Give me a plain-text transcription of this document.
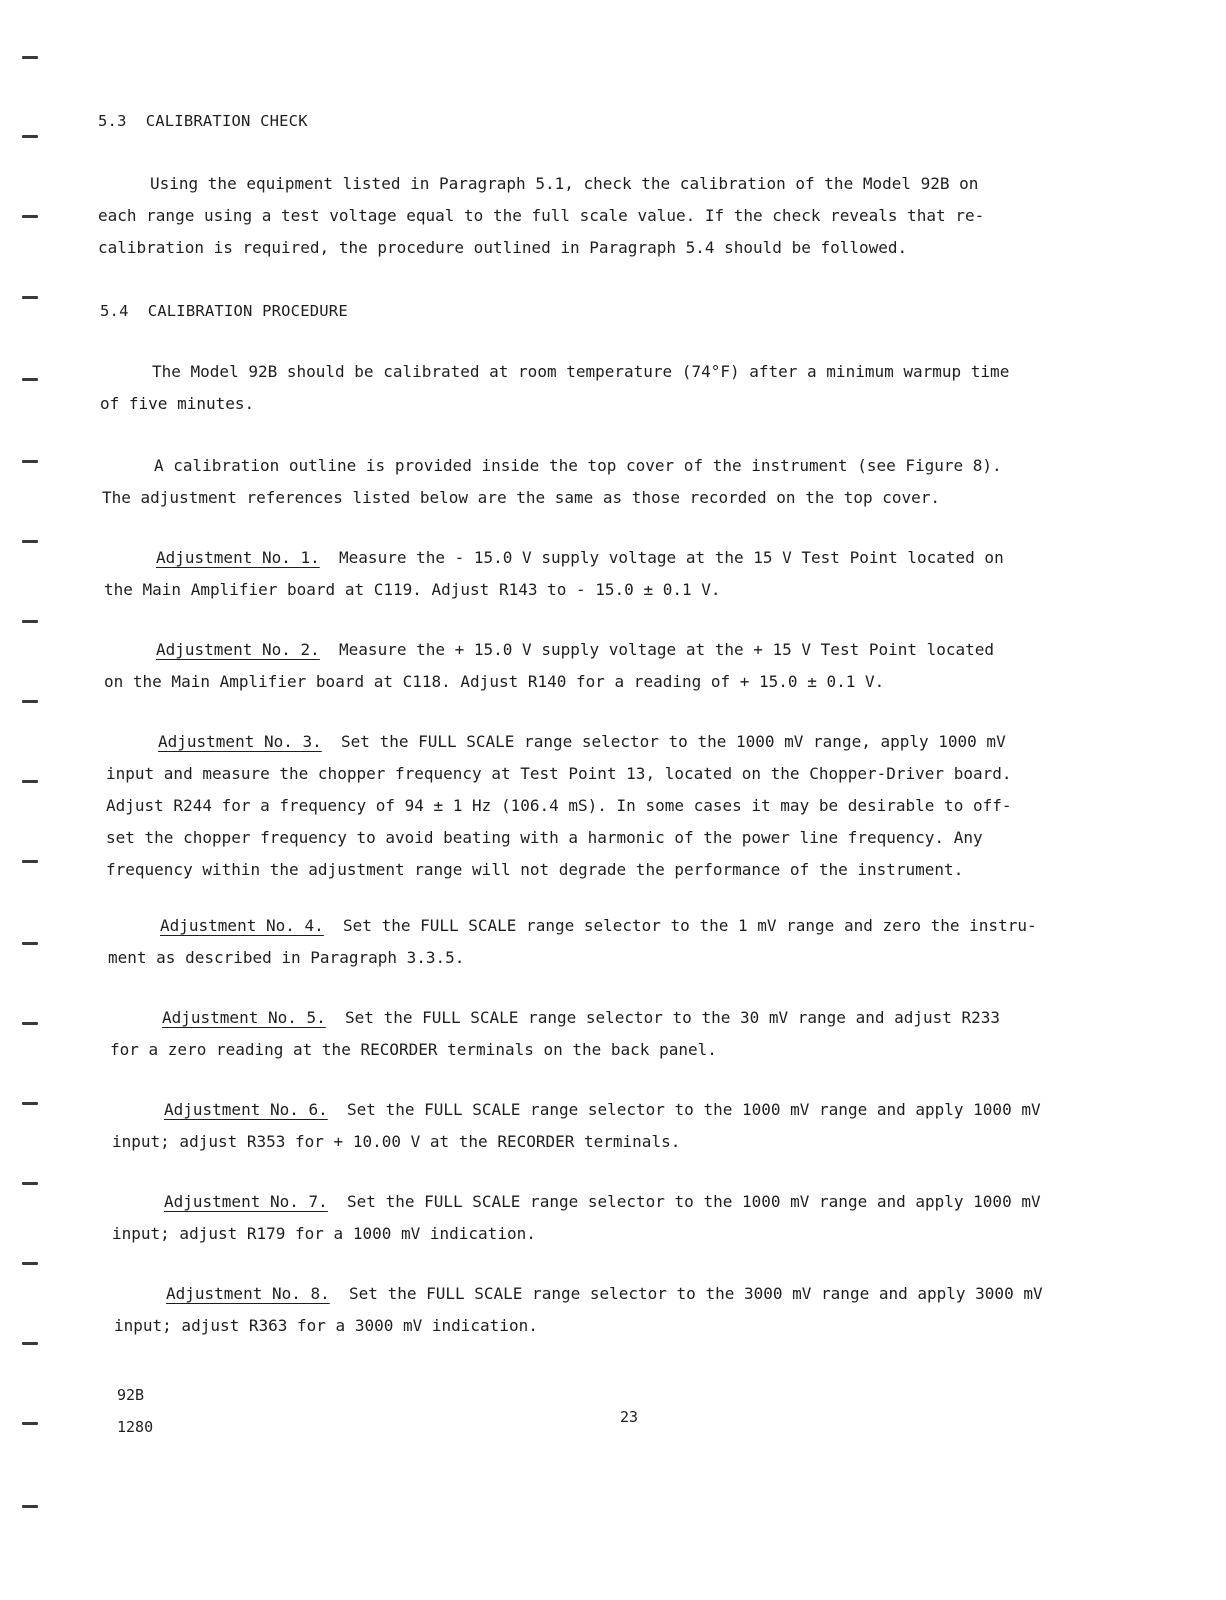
5.3 CALIBRATION CHECK
Using the equipment listed in Paragraph 5.1, check the calibration of the Model 92B on
each range using a test voltage equal to the full scale value. If the check reveals that re-
calibration is required, the procedure outlined in Paragraph 5.4 should be followed.
5.4 CALIBRATION PROCEDURE
The Model 92B should be calibrated at room temperature (74°F) after a minimum warmup time
of five minutes.
A calibration outline is provided inside the top cover of the instrument (see Figure 8).
The adjustment references listed below are the same as those recorded on the top cover.
Adjustment No. 1.  Measure the - 15.0 V supply voltage at the 15 V Test Point located on
the Main Amplifier board at C119. Adjust R143 to - 15.0 ± 0.1 V.
Adjustment No. 2.  Measure the + 15.0 V supply voltage at the + 15 V Test Point located
on the Main Amplifier board at C118. Adjust R140 for a reading of + 15.0 ± 0.1 V.
Adjustment No. 3.  Set the FULL SCALE range selector to the 1000 mV range, apply 1000 mV
input and measure the chopper frequency at Test Point 13, located on the Chopper-Driver board.
Adjust R244 for a frequency of 94 ± 1 Hz (106.4 mS). In some cases it may be desirable to off-
set the chopper frequency to avoid beating with a harmonic of the power line frequency. Any
frequency within the adjustment range will not degrade the performance of the instrument.
Adjustment No. 4.  Set the FULL SCALE range selector to the 1 mV range and zero the instru-
ment as described in Paragraph 3.3.5.
Adjustment No. 5.  Set the FULL SCALE range selector to the 30 mV range and adjust R233
for a zero reading at the RECORDER terminals on the back panel.
Adjustment No. 6.  Set the FULL SCALE range selector to the 1000 mV range and apply 1000 mV
input; adjust R353 for + 10.00 V at the RECORDER terminals.
Adjustment No. 7.  Set the FULL SCALE range selector to the 1000 mV range and apply 1000 mV
input; adjust R179 for a 1000 mV indication.
Adjustment No. 8.  Set the FULL SCALE range selector to the 3000 mV range and apply 3000 mV
input; adjust R363 for a 3000 mV indication.
92B
1280
23
